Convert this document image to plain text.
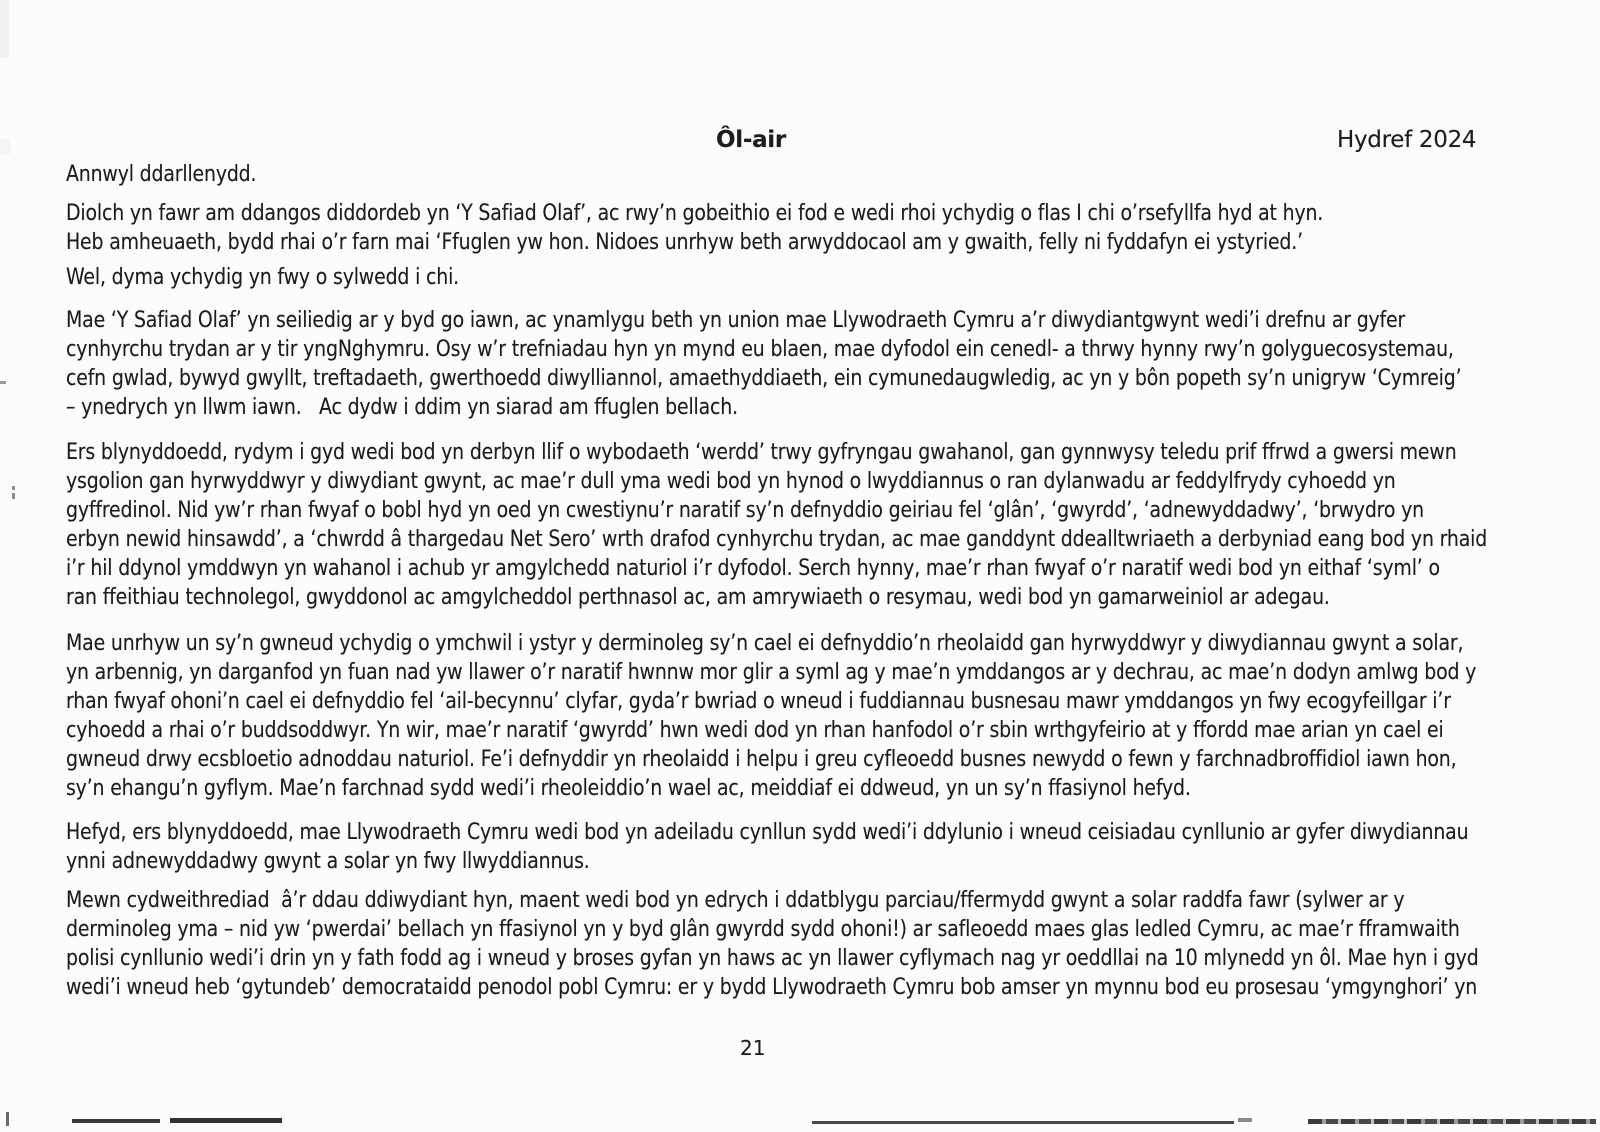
Ôl-air	Hydref 2024
Annwyl ddarllenydd.
Diolch yn fawr am ddangos diddordeb yn ‘Y Safiad Olaf’, ac rwy’n gobeithio ei fod e wedi rhoi ychydig o flas I chi o’rsefyllfa hyd at hyn.
Heb amheuaeth, bydd rhai o’r farn mai ‘Ffuglen yw hon. Nidoes unrhyw beth arwyddocaol am y gwaith, felly ni fyddafyn ei ystyried.’
Wel, dyma ychydig yn fwy o sylwedd i chi.
Mae ‘Y Safiad Olaf’ yn seiliedig ar y byd go iawn, ac ynamlygu beth yn union mae Llywodraeth Cymru a’r diwydiantgwynt wedi’i drefnu ar gyfer
cynhyrchu trydan ar y tir yngNghymru. Osy w’r trefniadau hyn yn mynd eu blaen, mae dyfodol ein cenedl- a thrwy hynny rwy’n golyguecosystemau,
cefn gwlad, bywyd gwyllt, treftadaeth, gwerthoedd diwylliannol, amaethyddiaeth, ein cymunedaugwledig, ac yn y bôn popeth sy’n unigryw ‘Cymreig’
– ynedrych yn llwm iawn.   Ac dydw i ddim yn siarad am ffuglen bellach.
Ers blynyddoedd, rydym i gyd wedi bod yn derbyn llif o wybodaeth ‘werdd’ trwy gyfryngau gwahanol, gan gynnwysy teledu prif ffrwd a gwersi mewn
ysgolion gan hyrwyddwyr y diwydiant gwynt, ac mae’r dull yma wedi bod yn hynod o lwyddiannus o ran dylanwadu ar feddylfrydy cyhoedd yn
gyffredinol. Nid yw’r rhan fwyaf o bobl hyd yn oed yn cwestiynu’r naratif sy’n defnyddio geiriau fel ‘glân’, ‘gwyrdd’, ‘adnewyddadwy’, ‘brwydro yn
erbyn newid hinsawdd’, a ‘chwrdd â thargedau Net Sero’ wrth drafod cynhyrchu trydan, ac mae ganddynt ddealltwriaeth a derbyniad eang bod yn rhaid
i’r hil ddynol ymddwyn yn wahanol i achub yr amgylchedd naturiol i’r dyfodol. Serch hynny, mae’r rhan fwyaf o’r naratif wedi bod yn eithaf ‘syml’ o
ran ffeithiau technolegol, gwyddonol ac amgylcheddol perthnasol ac, am amrywiaeth o resymau, wedi bod yn gamarweiniol ar adegau.
Mae unrhyw un sy’n gwneud ychydig o ymchwil i ystyr y derminoleg sy’n cael ei defnyddio’n rheolaidd gan hyrwyddwyr y diwydiannau gwynt a solar,
yn arbennig, yn darganfod yn fuan nad yw llawer o’r naratif hwnnw mor glir a syml ag y mae’n ymddangos ar y dechrau, ac mae’n dodyn amlwg bod y
rhan fwyaf ohoni’n cael ei defnyddio fel ‘ail-becynnu’ clyfar, gyda’r bwriad o wneud i fuddiannau busnesau mawr ymddangos yn fwy ecogyfeillgar i’r
cyhoedd a rhai o’r buddsoddwyr. Yn wir, mae’r naratif ‘gwyrdd’ hwn wedi dod yn rhan hanfodol o’r sbin wrthgyfeirio at y ffordd mae arian yn cael ei
gwneud drwy ecsbloetio adnoddau naturiol. Fe’i defnyddir yn rheolaidd i helpu i greu cyfleoedd busnes newydd o fewn y farchnadbroffidiol iawn hon,
sy’n ehangu’n gyflym. Mae’n farchnad sydd wedi’i rheoleiddio’n wael ac, meiddiaf ei ddweud, yn un sy’n ffasiynol hefyd.
Hefyd, ers blynyddoedd, mae Llywodraeth Cymru wedi bod yn adeiladu cynllun sydd wedi’i ddylunio i wneud ceisiadau cynllunio ar gyfer diwydiannau
ynni adnewyddadwy gwynt a solar yn fwy llwyddiannus.
Mewn cydweithrediad  â’r ddau ddiwydiant hyn, maent wedi bod yn edrych i ddatblygu parciau/ffermydd gwynt a solar raddfa fawr (sylwer ar y
derminoleg yma – nid yw ‘pwerdai’ bellach yn ffasiynol yn y byd glân gwyrdd sydd ohoni!) ar safleoedd maes glas ledled Cymru, ac mae’r fframwaith
polisi cynllunio wedi’i drin yn y fath fodd ag i wneud y broses gyfan yn haws ac yn llawer cyflymach nag yr oeddllai na 10 mlynedd yn ôl. Mae hyn i gyd
wedi’i wneud heb ‘gytundeb’ democrataidd penodol pobl Cymru: er y bydd Llywodraeth Cymru bob amser yn mynnu bod eu prosesau ‘ymgynghori’ yn
21
